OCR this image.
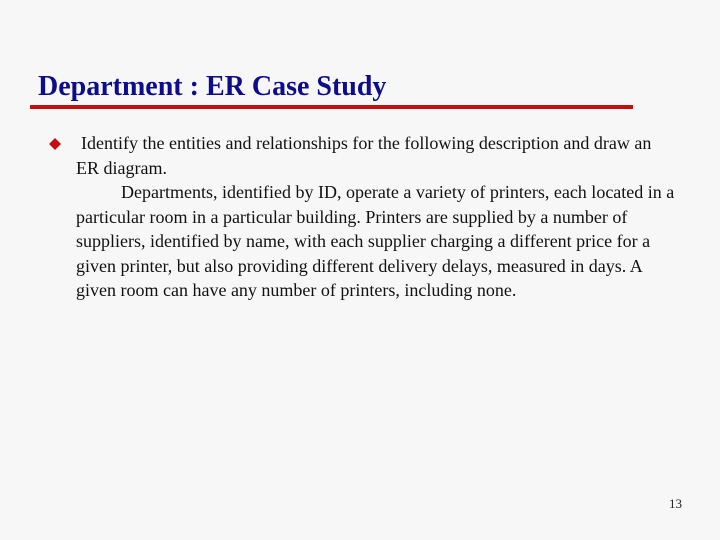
Department : ER Case Study

Identify the entities and relationships for the following description and draw an ER diagram.

Departments, identified by ID, operate a variety of printers, each located in a particular room in a particular building. Printers are supplied by a number of suppliers, identified by name, with each supplier charging a different price for a given printer, but also providing different delivery delays, measured in days. A given room can have any number of printers, including none.

13
